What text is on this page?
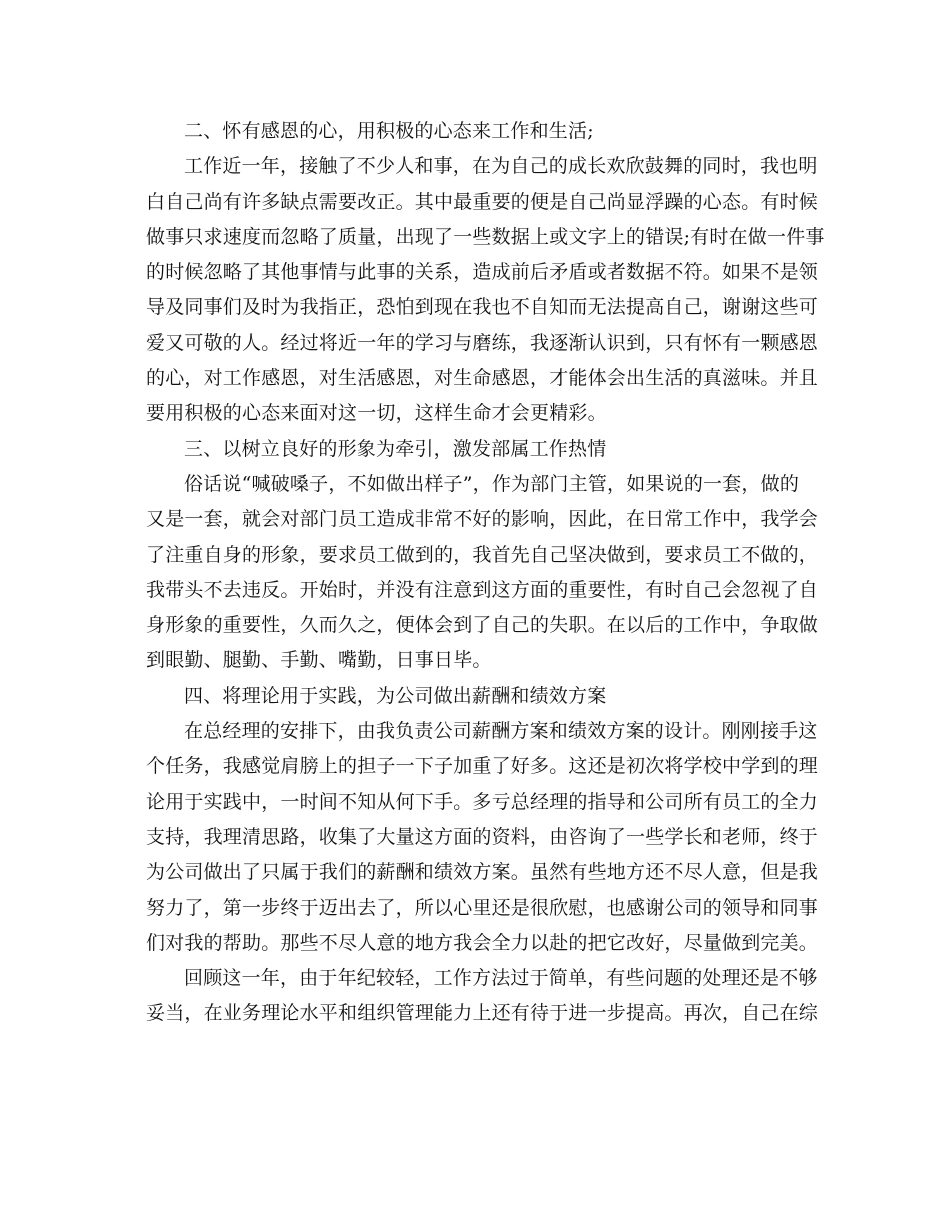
二、怀有感恩的心，用积极的心态来工作和生活;

工作近一年，接触了不少人和事，在为自己的成长欢欣鼓舞的同时，我也明

白自己尚有许多缺点需要改正。其中最重要的便是自己尚显浮躁的心态。有时候

做事只求速度而忽略了质量，出现了一些数据上或文字上的错误;有时在做一件事

的时候忽略了其他事情与此事的关系，造成前后矛盾或者数据不符。如果不是领

导及同事们及时为我指正，恐怕到现在我也不自知而无法提高自己，谢谢这些可

爱又可敬的人。经过将近一年的学习与磨练，我逐渐认识到，只有怀有一颗感恩

的心，对工作感恩，对生活感恩，对生命感恩，才能体会出生活的真滋味。并且

要用积极的心态来面对这一切，这样生命才会更精彩。

三、以树立良好的形象为牵引，激发部属工作热情

俗话说“喊破嗓子，不如做出样子”，作为部门主管，如果说的一套，做的

又是一套，就会对部门员工造成非常不好的影响，因此，在日常工作中，我学会

了注重自身的形象，要求员工做到的，我首先自己坚决做到，要求员工不做的，

我带头不去违反。开始时，并没有注意到这方面的重要性，有时自己会忽视了自

身形象的重要性，久而久之，便体会到了自己的失职。在以后的工作中，争取做

到眼勤、腿勤、手勤、嘴勤，日事日毕。

四、将理论用于实践，为公司做出薪酬和绩效方案

在总经理的安排下，由我负责公司薪酬方案和绩效方案的设计。刚刚接手这

个任务，我感觉肩膀上的担子一下子加重了好多。这还是初次将学校中学到的理

论用于实践中，一时间不知从何下手。多亏总经理的指导和公司所有员工的全力

支持，我理清思路，收集了大量这方面的资料，由咨询了一些学长和老师，终于

为公司做出了只属于我们的薪酬和绩效方案。虽然有些地方还不尽人意，但是我

努力了，第一步终于迈出去了，所以心里还是很欣慰，也感谢公司的领导和同事

们对我的帮助。那些不尽人意的地方我会全力以赴的把它改好，尽量做到完美。

回顾这一年，由于年纪较轻，工作方法过于简单，有些问题的处理还是不够

妥当，在业务理论水平和组织管理能力上还有待于进一步提高。再次，自己在综
